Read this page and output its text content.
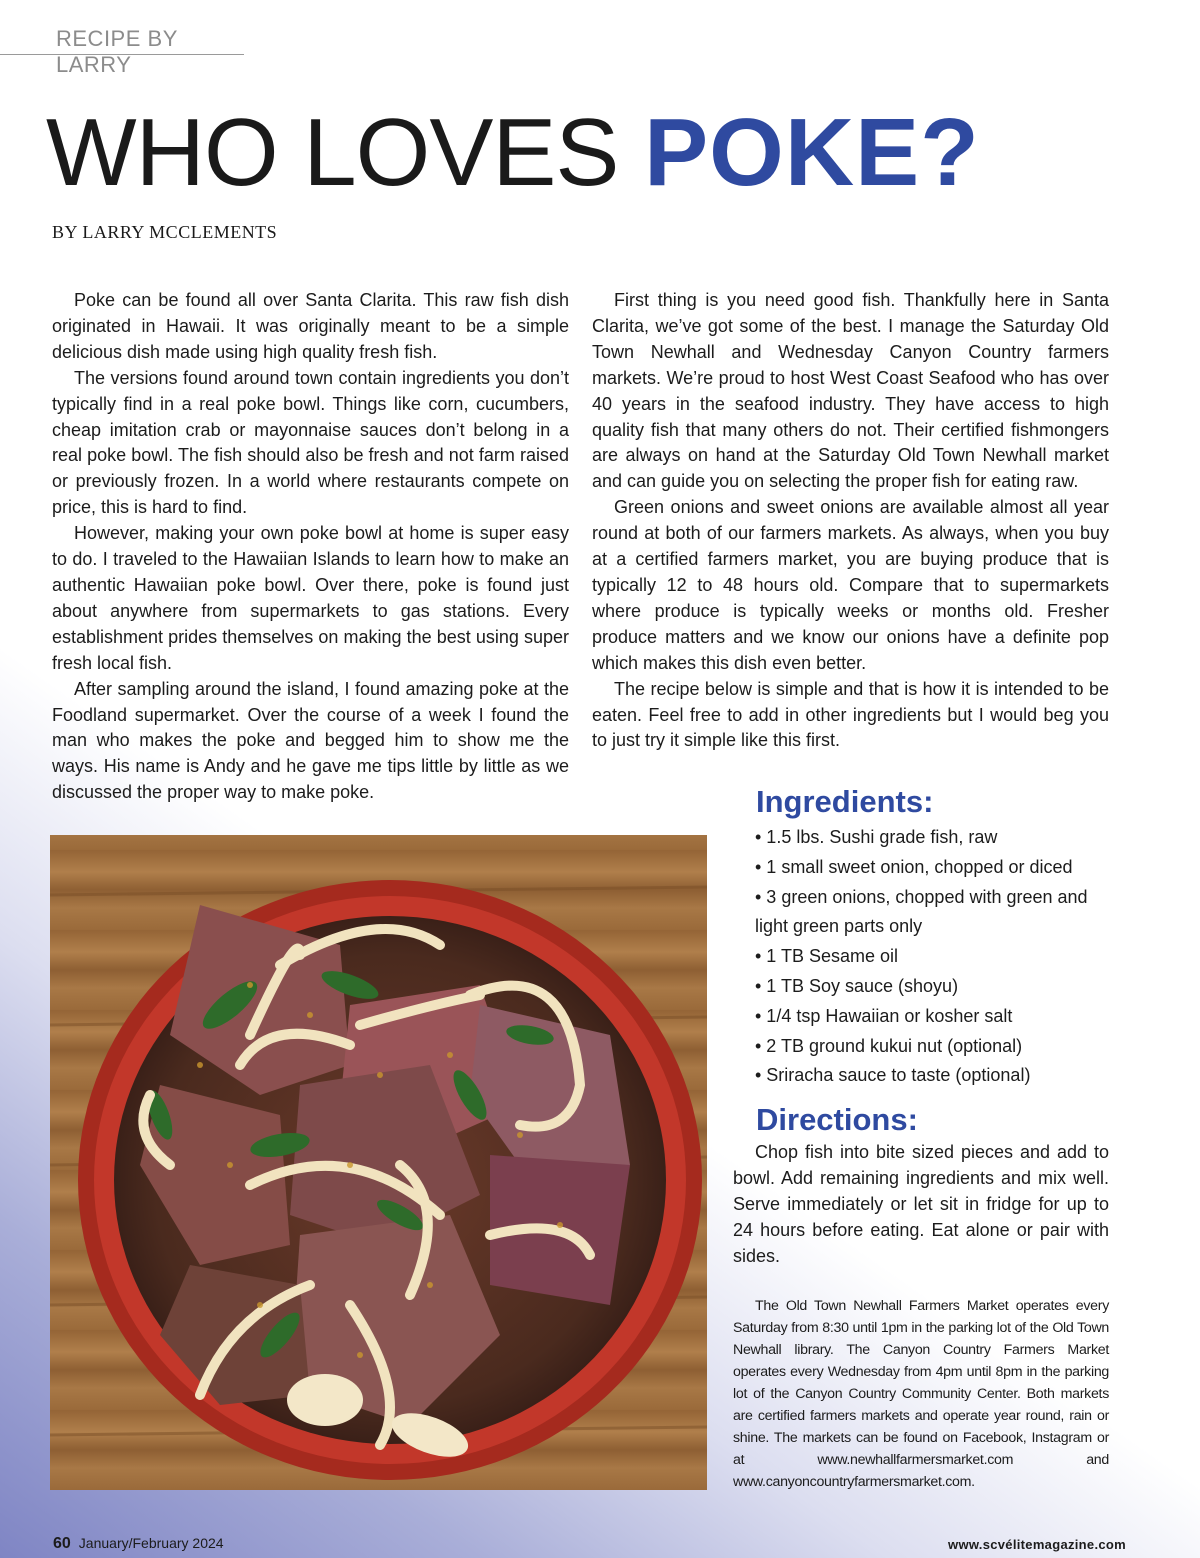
RECIPE BY LARRY
WHO LOVES POKE?
BY LARRY MCCLEMENTS

Poke can be found all over Santa Clarita. This raw fish dish originated in Hawaii. It was originally meant to be a simple delicious dish made using high quality fresh fish.

The versions found around town contain ingredients you don’t typically find in a real poke bowl. Things like corn, cucumbers, cheap imitation crab or mayonnaise sauces don’t belong in a real poke bowl. The fish should also be fresh and not farm raised or previously frozen. In a world where restaurants compete on price, this is hard to find.

However, making your own poke bowl at home is super easy to do. I traveled to the Hawaiian Islands to learn how to make an authentic Hawaiian poke bowl. Over there, poke is found just about anywhere from supermarkets to gas stations. Every establishment prides themselves on making the best using super fresh local fish.

After sampling around the island, I found amazing poke at the Foodland supermarket. Over the course of a week I found the man who makes the poke and begged him to show me the ways. His name is Andy and he gave me tips little by little as we discussed the proper way to make poke.

First thing is you need good fish. Thankfully here in Santa Clarita, we’ve got some of the best. I manage the Saturday Old Town Newhall and Wednesday Canyon Country farmers markets. We’re proud to host West Coast Seafood who has over 40 years in the seafood industry. They have access to high quality fish that many others do not. Their certified fishmongers are always on hand at the Saturday Old Town Newhall market and can guide you on selecting the proper fish for eating raw.

Green onions and sweet onions are available almost all year round at both of our farmers markets. As always, when you buy at a certified farmers market, you are buying produce that is typically 12 to 48 hours old. Compare that to supermarkets where produce is typically weeks or months old. Fresher produce matters and we know our onions have a definite pop which makes this dish even better.

The recipe below is simple and that is how it is intended to be eaten. Feel free to add in other ingredients but I would beg you to just try it simple like this first.

Ingredients:
• 1.5 lbs. Sushi grade fish, raw
• 1 small sweet onion, chopped or diced
• 3 green onions, chopped with green and light green parts only
• 1 TB Sesame oil
• 1 TB Soy sauce (shoyu)
• 1/4 tsp Hawaiian or kosher salt
• 2 TB ground kukui nut (optional)
• Sriracha sauce to taste (optional)
Directions:

Chop fish into bite sized pieces and add to bowl. Add remaining ingredients and mix well. Serve immediately or let sit in fridge for up to 24 hours before eating. Eat alone or pair with sides.

The Old Town Newhall Farmers Market operates every Saturday from 8:30 until 1pm in the parking lot of the Old Town Newhall library. The Canyon Country Farmers Market operates every Wednesday from 4pm until 8pm in the parking lot of the Canyon Country Community Center. Both markets are certified farmers markets and operate year round, rain or shine. The markets can be found on Facebook, Instagram or at www.newhallfarmersmarket.com and www.canyoncountryfarmersmarket.com.

60 January/February 2024	www.scvélitemagazine.com
